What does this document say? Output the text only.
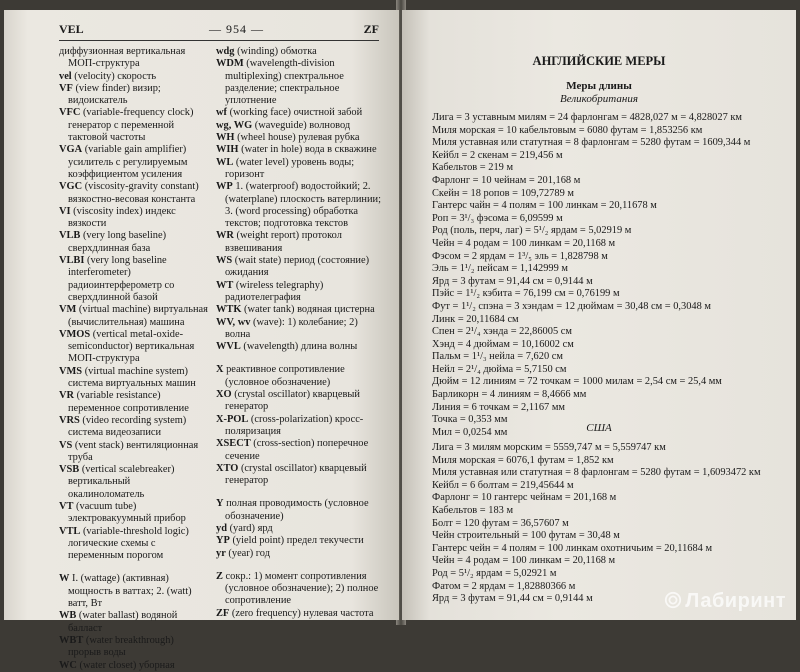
VEL	— 954 —	ZF
диффузионная вертикальная МОП-структура
vel (velocity) скорость
VF (view finder) визир; видоискатель
VFC (variable-frequency clock) генератор с переменной тактовой частоты
VGA (variable gain amplifier) усилитель с регулируемым коэффициентом усиления
VGC (viscosity-gravity constant) вязкостно-весовая константа
VI (viscosity index) индекс вязкости
VLB (very long baseline) сверхдлинная база
VLBI (very long baseline interferometer) радиоинтерферометр со сверхдлинной базой
VM (virtual machine) виртуальная (вычислительная) машина
VMOS (vertical metal-oxide-semiconductor) вертикальная МОП-структура
VMS (virtual machine system) система виртуальных машин
VR (variable resistance) переменное сопротивление
VRS (video recording system) система видеозаписи
VS (vent stack) вентиляционная труба
VSB (vertical scalebreaker) вертикальный окалиноломатель
VT (vacuum tube) электровакуумный прибор
VTL (variable-threshold logic) логические схемы с переменным порогом
W I. (wattage) (активная) мощность в ваттах; 2. (watt) ватт, Вт
WB (water ballast) водяной балласт
WBT (water breakthrough) прорыв воды
WC (water closet) уборная
wdg (winding) обмотка
WDM (wavelength-division multiplexing) спектральное разделение; спектральное уплотнение
wf (working face) очистной забой
wg, WG (waveguide) волновод
WH (wheel house) рулевая рубка
WIH (water in hole) вода в скважине
WL (water level) уровень воды; горизонт
WP 1. (waterproof) водостойкий; 2. (waterplane) плоскость ватерлинии; 3. (word processing) обработка текстов; подготовка текстов
WR (weight report) протокол взвешивания
WS (wait state) период (состояние) ожидания
WT (wireless telegraphy) радиотелеграфия
WTK (water tank) водяная цистерна
WV, wv (wave): 1) колебание; 2) волна
WVL (wavelength) длина волны
X реактивное сопротивление (условное обозначение)
XO (crystal oscillator) кварцевый генератор
X-POL (cross-polarization) кросс-поляризация
XSECT (cross-section) поперечное сечение
XTO (crystal oscillator) кварцевый генератор
Y полная проводимость (условное обозначение)
yd (yard) ярд
YP (yield point) предел текучести
yr (year) год
Z сокр.: 1) момент сопротивления (условное обозначение); 2) полное сопротивление
ZF (zero frequency) нулевая частота
АНГЛИЙСКИЕ МЕРЫ
Меры длины
Великобритания
Лига = 3 уставным милям = 24 фарлонгам = 4828,027 м = 4,828027 км
Миля морская = 10 кабельтовым = 6080 футам = 1,853256 км
Миля уставная или статутная = 8 фарлонгам = 5280 футам = 1609,344 м
Кейбл = 2 скенам = 219,456 м
Кабельтов = 219 м
Фарлонг = 10 чейнам = 201,168 м
Скейн = 18 ропов = 109,72789 м
Гантерс чайн = 4 полям = 100 линкам = 20,11678 м
Роп = 3¹/₃ фэсома = 6,09599 м
Род (поль, перч, лаг) = 5¹/₂ ярдам = 5,02919 м
Чейн = 4 родам = 100 линкам = 20,1168 м
Фэсом = 2 ярдам = 1³/₅ эль = 1,828798 м
Эль = 1¹/₂ пейсам = 1,142999 м
Ярд = 3 футам = 91,44 см = 0,9144 м
Пэйс = 1¹/₂ кэбита = 76,199 см = 0,76199 м
Фут = 1¹/₂ спэна = 3 хэндам = 12 дюймам = 30,48 см = 0,3048 м
Линк = 20,11684 см
Спен = 2¹/₄ хэнда = 22,86005 см
Хэнд = 4 дюймам = 10,16002 см
Пальм = 1¹/₃ нейла = 7,620 см
Нейл = 2¹/₄ дюйма = 5,7150 см
Дюйм = 12 линиям = 72 точкам = 1000 милам = 2,54 см = 25,4 мм
Барликорн = 4 линиям = 8,4666 мм
Линия = 6 точкам = 2,1167 мм
Точка = 0,353 мм
Мил = 0,0254 мм	США
Лига = 3 милям морским = 5559,747 м = 5,559747 км
Миля морская = 6076,1 футам = 1,852 км
Миля уставная или статутная = 8 фарлонгам = 5280 футам = 1,6093472 км
Кейбл = 6 болтам = 219,45644 м
Фарлонг = 10 гантерс чейнам = 201,168 м
Кабельтов = 183 м
Болт = 120 футам = 36,57607 м
Чейн строительный = 100 футам = 30,48 м
Гантерс чейн = 4 полям = 100 линкам охотничьим = 20,11684 м
Чейн = 4 родам = 100 линкам = 20,1168 м
Род = 5¹/₂ ярдам = 5,02921 м
Фатом = 2 ярдам = 1,82880366 м
Ярд = 3 футам = 91,44 см = 0,9144 м	Лабиринт
